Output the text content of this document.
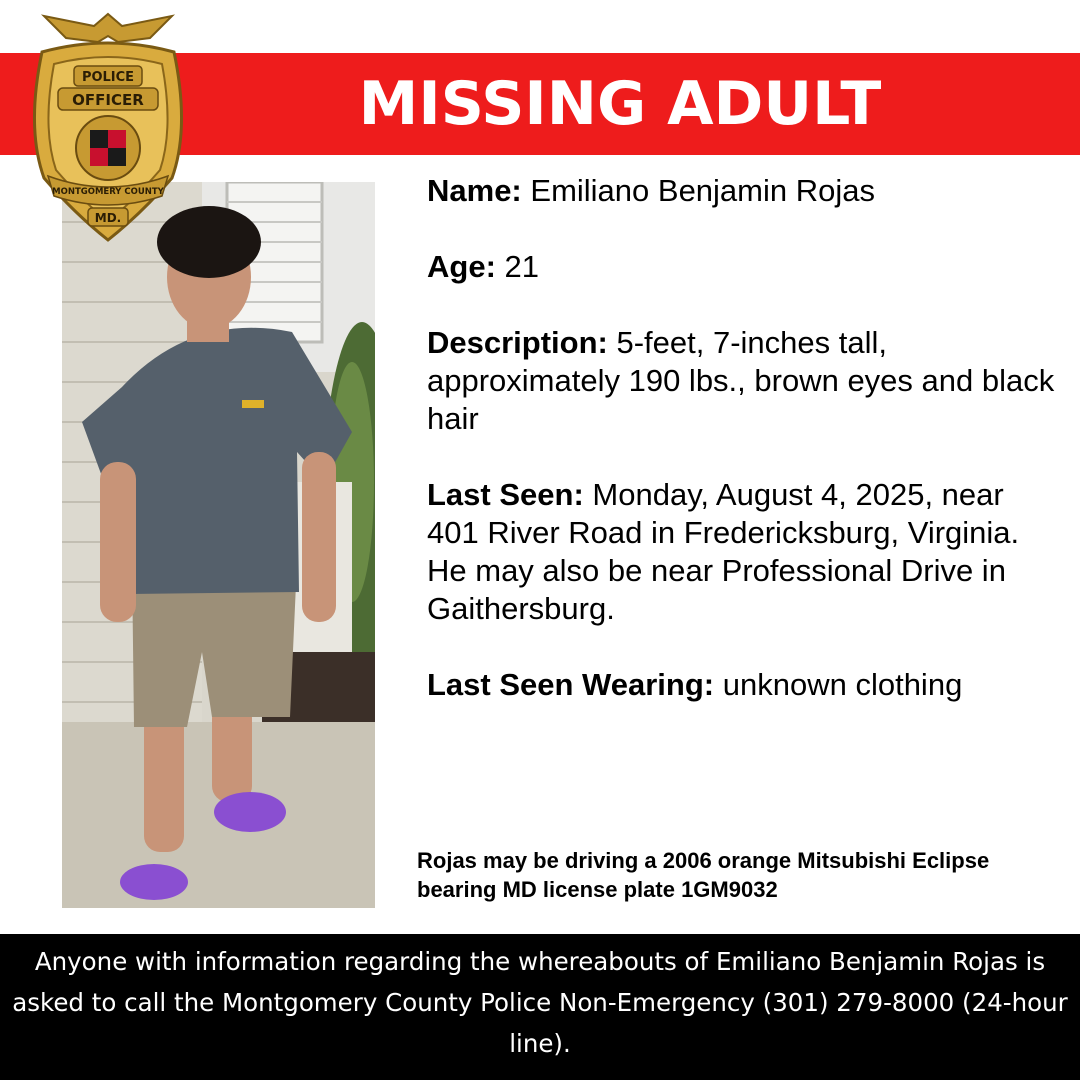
MISSING ADULT
POLICE
OFFICER
MONTGOMERY COUNTY
MD.

Name: Emiliano Benjamin Rojas

Age: 21

Description: 5-feet, 7-inches tall, approximately 190 lbs., brown eyes and black hair

Last Seen: Monday, August 4, 2025, near 401 River Road in Fredericksburg, Virginia. He may also be near Professional Drive in Gaithersburg.

Last Seen Wearing: unknown clothing

Rojas may be driving a 2006 orange Mitsubishi Eclipse bearing MD license plate 1GM9032
Anyone with information regarding the whereabouts of Emiliano Benjamin Rojas is asked to call the Montgomery County Police Non-Emergency (301) 279-8000 (24-hour line).
